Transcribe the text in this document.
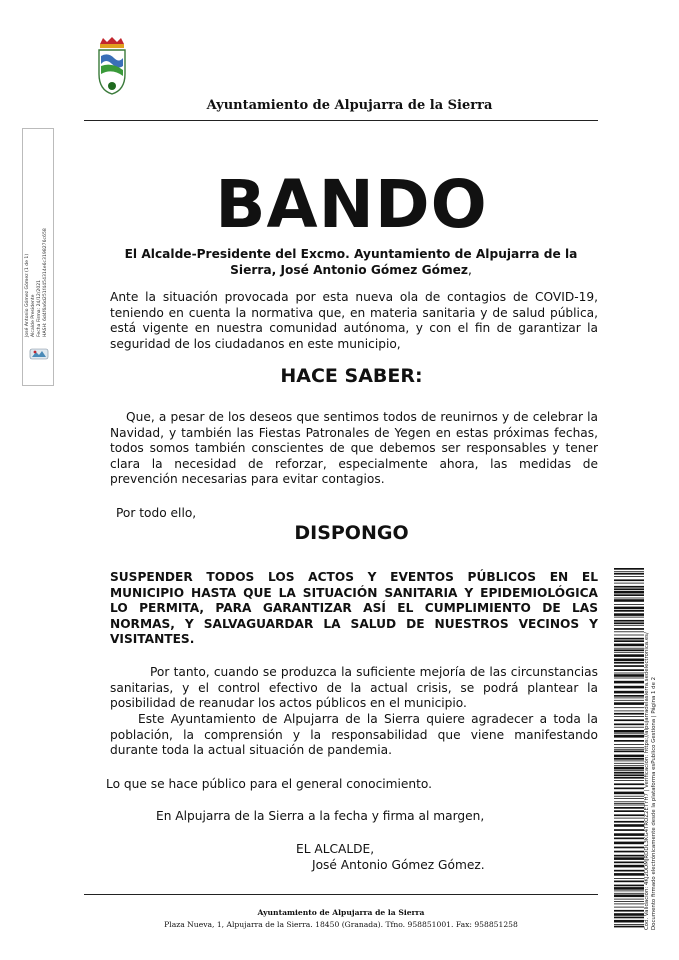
Ayuntamiento de Alpujarra de la Sierra
José Antonio Gómez Gómez (1 de 1) Alcalde Presidente Fecha Firma: 24/12/2021 HASH: 6d4f6a6d251f4454314e6c3198276c658
BANDO
El Alcalde-Presidente del Excmo. Ayuntamiento de Alpujarra de la Sierra, José Antonio Gómez Gómez,
Ante la situación provocada por esta nueva ola de contagios de COVID-19, teniendo en cuenta la normativa que, en materia sanitaria y de salud pública, está vigente en nuestra comunidad autónoma, y con el fin de garantizar la seguridad de los ciudadanos en este municipio,
HACE SABER:
Que, a pesar de los deseos que sentimos todos de reunirnos y de celebrar la Navidad, y también las Fiestas Patronales de Yegen en estas próximas fechas, todos somos también conscientes de que debemos ser responsables y tener clara la necesidad de reforzar, especialmente ahora, las medidas de prevención necesarias para evitar contagios.
Por todo ello,
DISPONGO
SUSPENDER TODOS LOS ACTOS Y EVENTOS PÚBLICOS EN EL MUNICIPIO HASTA QUE LA SITUACIÓN SANITARIA Y EPIDEMIOLÓGICA LO PERMITA, PARA GARANTIZAR ASÍ EL CUMPLIMIENTO DE LAS NORMAS, Y SALVAGUARDAR LA SALUD DE NUESTROS VECINOS Y VISITANTES.
Por tanto, cuando se produzca la suficiente mejoría de las circunstancias sanitarias, y el control efectivo de la actual crisis, se podrá plantear la posibilidad de reanudar los actos públicos en el municipio.
Este Ayuntamiento de Alpujarra de la Sierra quiere agradecer a toda la población, la comprensión y la responsabilidad que viene manifestando durante toda la actual situación de pandemia.
Lo que se hace público para el general conocimiento.
En Alpujarra de la Sierra a la fecha y firma al margen,
EL ALCALDE,
José Antonio Gómez Gómez.
Ayuntamiento de Alpujarra de la Sierra
Plaza Nueva, 1, Alpujarra de la Sierra. 18450 (Granada). Tfno. 958851001. Fax: 958851258	Cód. Validación: 4KJ2DDMJRDDL3KG4TROZ2ETYH7 | Verificación: https://alpujarradelasierra.sedelectronica.es/ Documento firmado electrónicamente desde la plataforma esPublico Gestiona | Página 1 de 2
